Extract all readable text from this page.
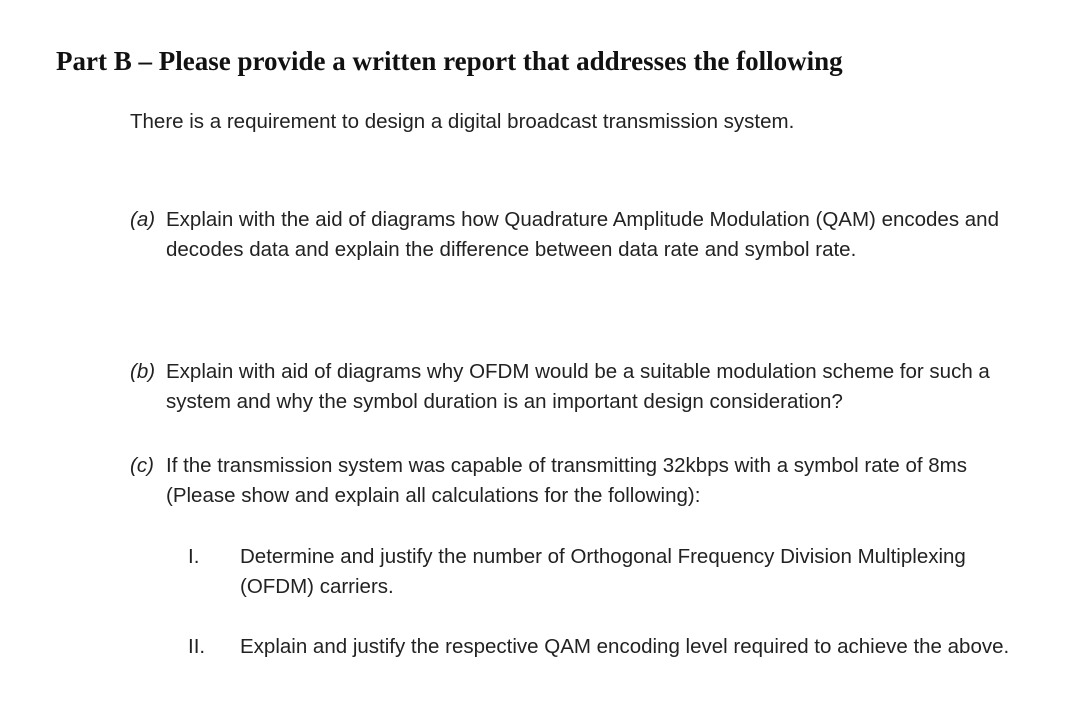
Part B – Please provide a written report that addresses the following
There is a requirement to design a digital broadcast transmission system.
(a) Explain with the aid of diagrams how Quadrature Amplitude Modulation (QAM) encodes and decodes data and explain the difference between data rate and symbol rate.
(b) Explain with aid of diagrams why OFDM would be a suitable modulation scheme for such a system and why the symbol duration is an important design consideration?
(c) If the transmission system was capable of transmitting 32kbps with a symbol rate of 8ms (Please show and explain all calculations for the following):
I. Determine and justify the number of Orthogonal Frequency Division Multiplexing (OFDM) carriers.
II. Explain and justify the respective QAM encoding level required to achieve the above.
